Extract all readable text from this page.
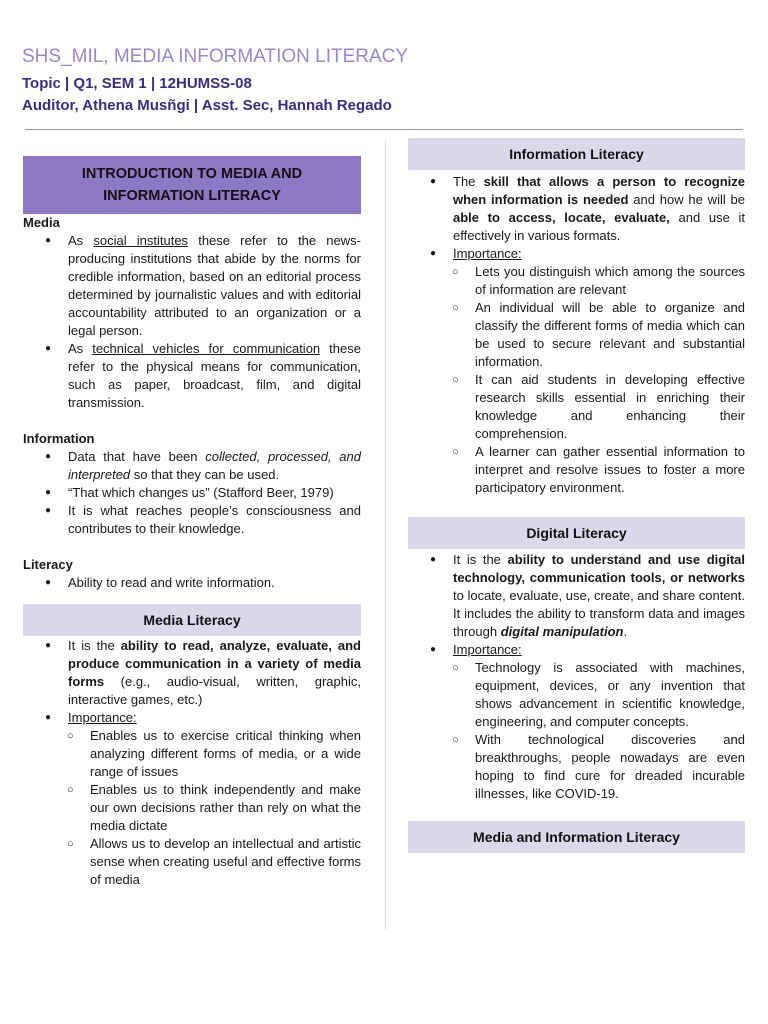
SHS_MIL, MEDIA INFORMATION LITERACY
Topic | Q1, SEM 1 | 12HUMSS-08
Auditor, Athena Musñgi | Asst. Sec, Hannah Regado
INTRODUCTION TO MEDIA AND
INFORMATION LITERACY
Media
● As social institutes these refer to the news-producing institutions that abide by the norms for credible information, based on an editorial process determined by journalistic values and with editorial accountability attributed to an organization or a legal person.
● As technical vehicles for communication these refer to the physical means for communication, such as paper, broadcast, film, and digital transmission.
Information
● Data that have been collected, processed, and interpreted so that they can be used.
● “That which changes us” (Stafford Beer, 1979)
● It is what reaches people’s consciousness and contributes to their knowledge.
Literacy
● Ability to read and write information.
Media Literacy
● It is the ability to read, analyze, evaluate, and produce communication in a variety of media forms (e.g., audio-visual, written, graphic, interactive games, etc.)
● Importance:
○ Enables us to exercise critical thinking when analyzing different forms of media, or a wide range of issues
○ Enables us to think independently and make our own decisions rather than rely on what the media dictate
○ Allows us to develop an intellectual and artistic sense when creating useful and effective forms of media
Information Literacy
● The skill that allows a person to recognize when information is needed and how he will be able to access, locate, evaluate, and use it effectively in various formats.
● Importance:
○ Lets you distinguish which among the sources of information are relevant
○ An individual will be able to organize and classify the different forms of media which can be used to secure relevant and substantial information.
○ It can aid students in developing effective research skills essential in enriching their knowledge and enhancing their comprehension.
○ A learner can gather essential information to interpret and resolve issues to foster a more participatory environment.
Digital Literacy
● It is the ability to understand and use digital technology, communication tools, or networks to locate, evaluate, use, create, and share content. It includes the ability to transform data and images through digital manipulation.
● Importance:
○ Technology is associated with machines, equipment, devices, or any invention that shows advancement in scientific knowledge, engineering, and computer concepts.
○ With technological discoveries and breakthroughs, people nowadays are even hoping to find cure for dreaded incurable illnesses, like COVID-19.
Media and Information Literacy
